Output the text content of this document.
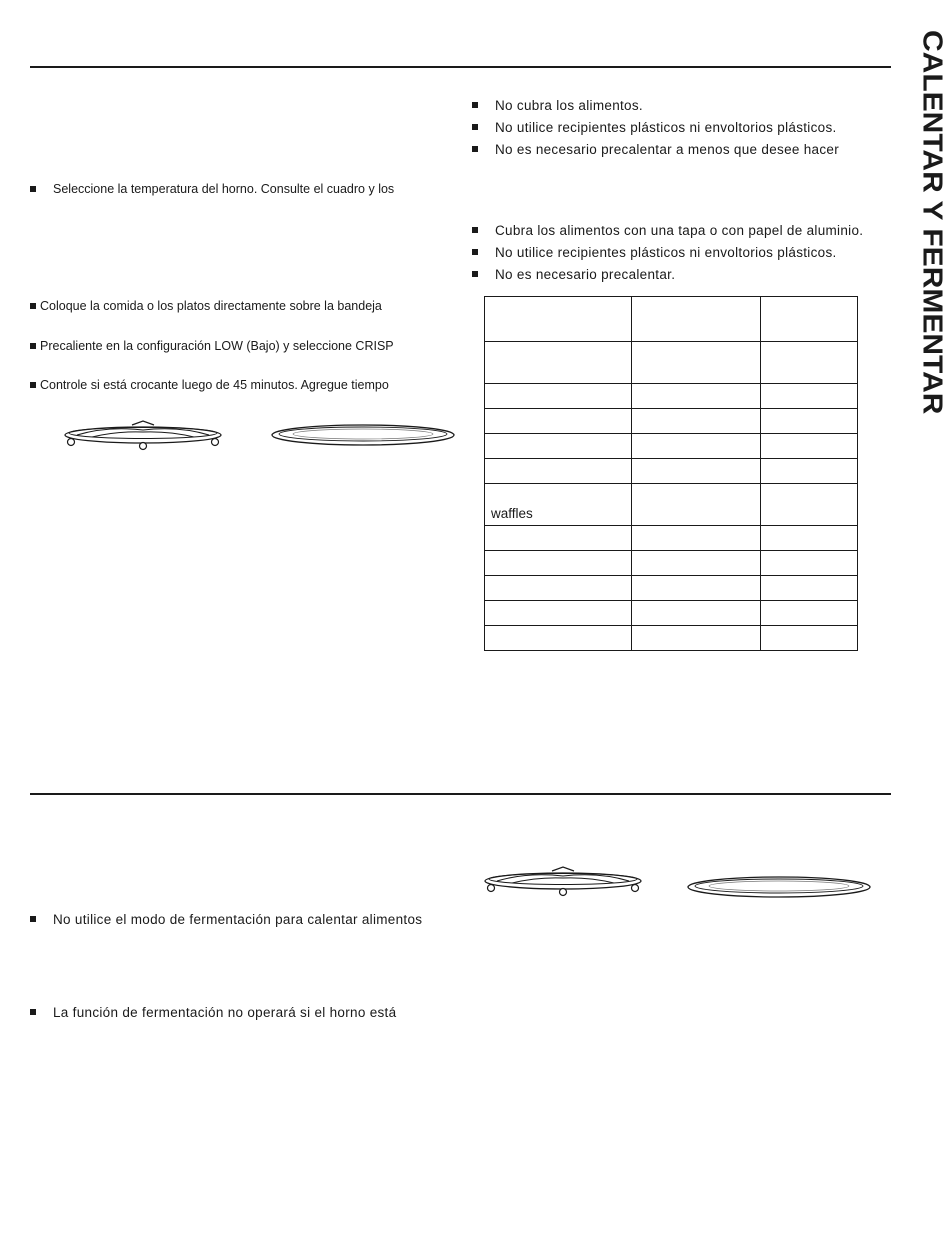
CALENTAR Y FERMENTAR
Seleccione la temperatura del horno. Consulte el cuadro y los
Coloque la comida o los platos directamente sobre la bandeja
Precaliente en la configuración LOW (Bajo) y seleccione CRISP
Controle si está crocante luego de 45 minutos. Agregue tiempo
No cubra los alimentos.
No utilice recipientes plásticos ni envoltorios plásticos.
No es necesario precalentar a menos que desee hacer
Cubra los alimentos con una tapa o con papel de aluminio.
No utilice recipientes plásticos ni envoltorios plásticos.
No es necesario precalentar.

waffles		

No utilice el modo de fermentación para calentar alimentos
La función de fermentación no operará si el horno está
